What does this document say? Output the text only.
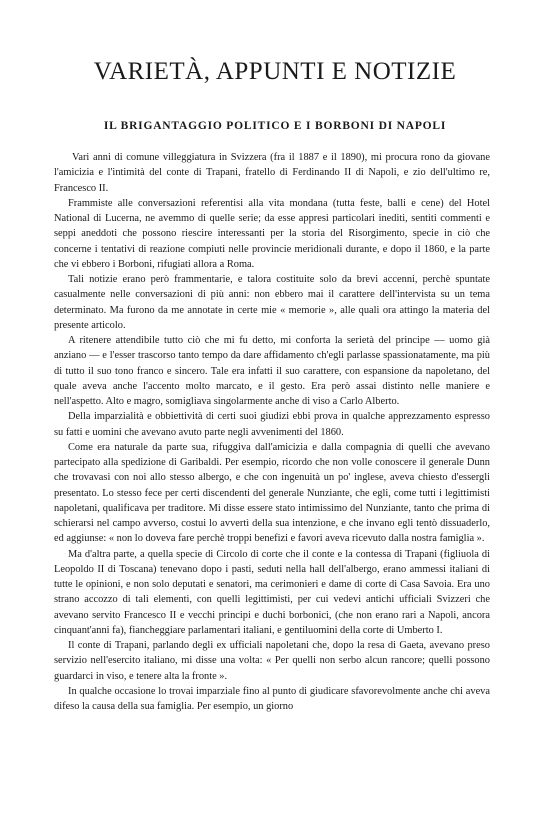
VARIETÀ, APPUNTI E NOTIZIE
IL BRIGANTAGGIO POLITICO E I BORBONI DI NAPOLI

Vari anni di comune villeggiatura in Svizzera (fra il 1887 e il 1890), mi procura rono da giovane l'amicizia e l'intimità del conte di Trapani, fratello di Ferdinando II di Napoli, e zio dell'ultimo re, Francesco II.

Frammiste alle conversazioni referentisi alla vita mondana (tutta feste, balli e cene) del Hotel National di Lucerna, ne avemmo di quelle serie; da esse appresi particolari inediti, sentiti commenti e seppi aneddoti che possono riescire interessanti per la storia del Risorgimento, specie in ciò che concerne i tentativi di reazione compiuti nelle provincie meridionali durante, e dopo il 1860, e la parte che vi ebbero i Borboni, rifugiati allora a Roma.

Tali notizie erano però frammentarie, e talora costituite solo da brevi accenni, perchè spuntate casualmente nelle conversazioni di più anni: non ebbero mai il carattere dell'intervista su un tema determinato. Ma furono da me annotate in certe mie « memorie », alle quali ora attingo la materia del presente articolo.

A ritenere attendibile tutto ciò che mi fu detto, mi conforta la serietà del principe — uomo già anziano — e l'esser trascorso tanto tempo da dare affidamento ch'egli parlasse spassionatamente, ma più di tutto il suo tono franco e sincero. Tale era infatti il suo carattere, con espansione da napoletano, del quale aveva anche l'accento molto marcato, e il gesto. Era però assai distinto nelle maniere e nell'aspetto. Alto e magro, somigliava singolarmente anche di viso a Carlo Alberto.

Della imparzialità e obbiettività di certi suoi giudizi ebbi prova in qualche apprezzamento espresso su fatti e uomini che avevano avuto parte negli avvenimenti del 1860.

Come era naturale da parte sua, rifuggiva dall'amicizia e dalla compagnia di quelli che avevano partecipato alla spedizione di Garibaldi. Per esempio, ricordo che non volle conoscere il generale Dunn che trovavasi con noi allo stesso albergo, e che con ingenuità un po' inglese, aveva chiesto d'essergli presentato. Lo stesso fece per certi discendenti del generale Nunziante, che egli, come tutti i legittimisti napoletani, qualificava per traditore. Mi disse essere stato intimissimo del Nunziante, tanto che prima di schierarsi nel campo avverso, costui lo avvertì della sua intenzione, e che invano egli tentò dissuaderlo, ed aggiunse: « non lo doveva fare perchè troppi benefizi e favori aveva ricevuto dalla nostra famiglia ».

Ma d'altra parte, a quella specie di Circolo di corte che il conte e la contessa di Trapani (figliuola di Leopoldo II di Toscana) tenevano dopo i pasti, seduti nella hall dell'albergo, erano ammessi italiani di tutte le opinioni, e non solo deputati e senatori, ma cerimonieri e dame di corte di Casa Savoia. Era uno strano accozzo di tali elementi, con quelli legittimisti, per cui vedevi antichi ufficiali Svizzeri che avevano servito Francesco II e vecchi principi e duchi borbonici, (che non erano rari a Napoli, ancora cinquant'anni fa), fiancheggiare parlamentari italiani, e gentiluomini della corte di Umberto I.

Il conte di Trapani, parlando degli ex ufficiali napoletani che, dopo la resa di Gaeta, avevano preso servizio nell'esercito italiano, mi disse una volta: « Per quelli non serbo alcun rancore; quelli possono guardarci in viso, e tenere alta la fronte ».

In qualche occasione lo trovai imparziale fino al punto di giudicare sfavorevolmente anche chi aveva difeso la causa della sua famiglia. Per esempio, un giorno
